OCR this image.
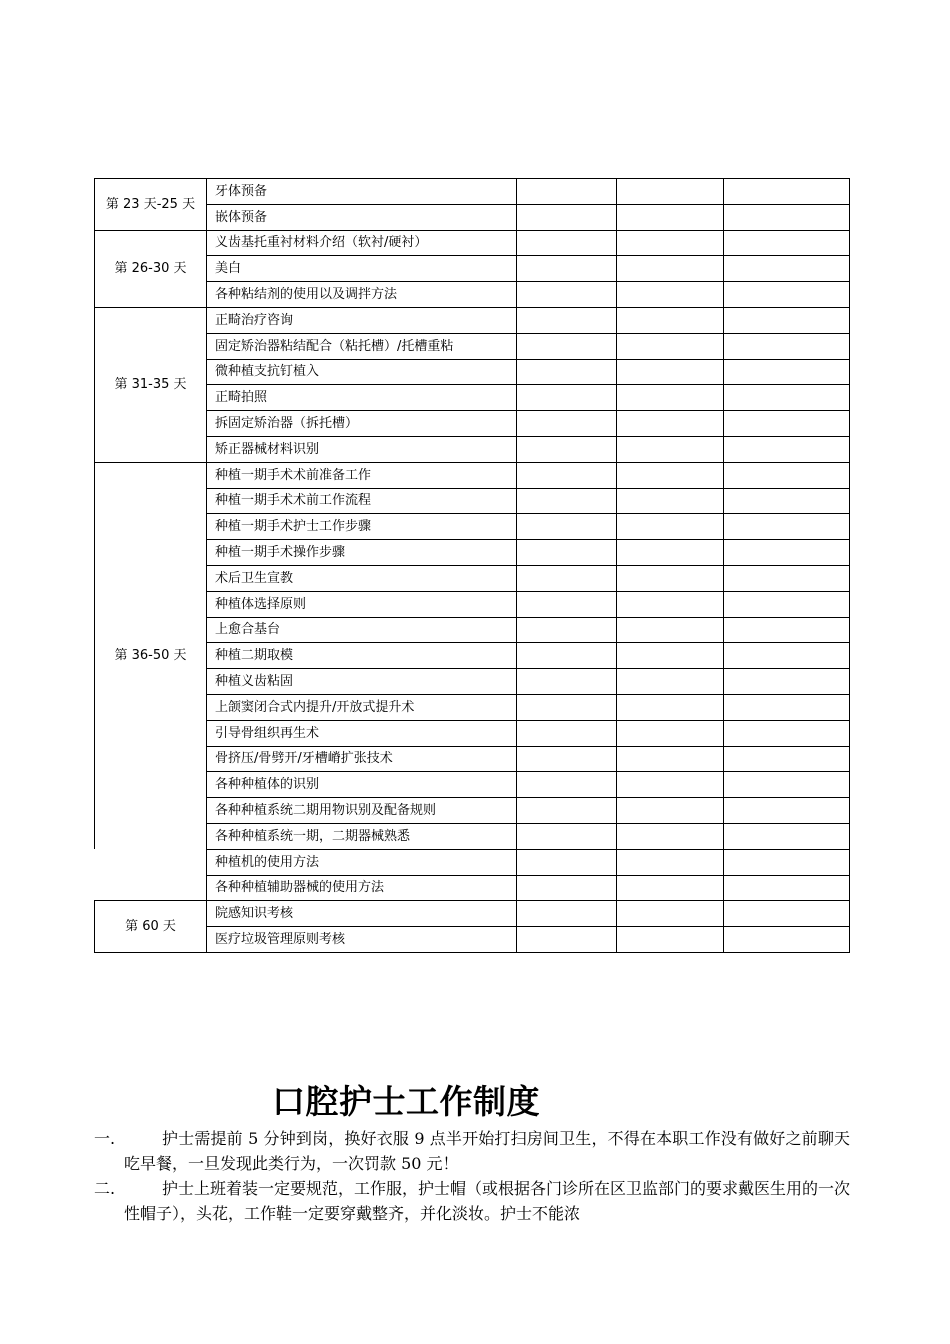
第 23 天-25 天	牙体预备			
	嵌体预备			
第 26-30 天	义齿基托重衬材料介绍（软衬/硬衬）			
	美白			
	各种粘结剂的使用以及调拌方法			
第 31-35 天	正畸治疗咨询			
	固定矫治器粘结配合（粘托槽）/托槽重粘			
	微种植支抗钉植入			
	正畸拍照			
	拆固定矫治器（拆托槽）			
	矫正器械材料识别			
第 36-50 天	种植一期手术术前准备工作			
	种植一期手术术前工作流程			
	种植一期手术护士工作步骤			
	种植一期手术操作步骤			
	术后卫生宣教			
	种植体选择原则			
	上愈合基台			
	种植二期取模			
	种植义齿粘固			
	上颌窦闭合式内提升/开放式提升术			
	引导骨组织再生术			
	骨挤压/骨劈开/牙槽嵴扩张技术			
	各种种植体的识别			
	各种种植系统二期用物识别及配备规则			
	各种种植系统一期，二期器械熟悉			
	种植机的使用方法			
	各种种植辅助器械的使用方法			
第 60 天	院感知识考核			
	医疗垃圾管理原则考核			
口腔护士工作制度
一.	护士需提前 5 分钟到岗，换好衣服 9 点半开始打扫房间卫生，不得在本职工作没有做好之前聊天吃早餐，一旦发现此类行为，一次罚款 50 元！
二.	护士上班着装一定要规范，工作服，护士帽（或根据各门诊所在区卫监部门的要求戴医生用的一次性帽子），头花，工作鞋一定要穿戴整齐，并化淡妆。护士不能浓
